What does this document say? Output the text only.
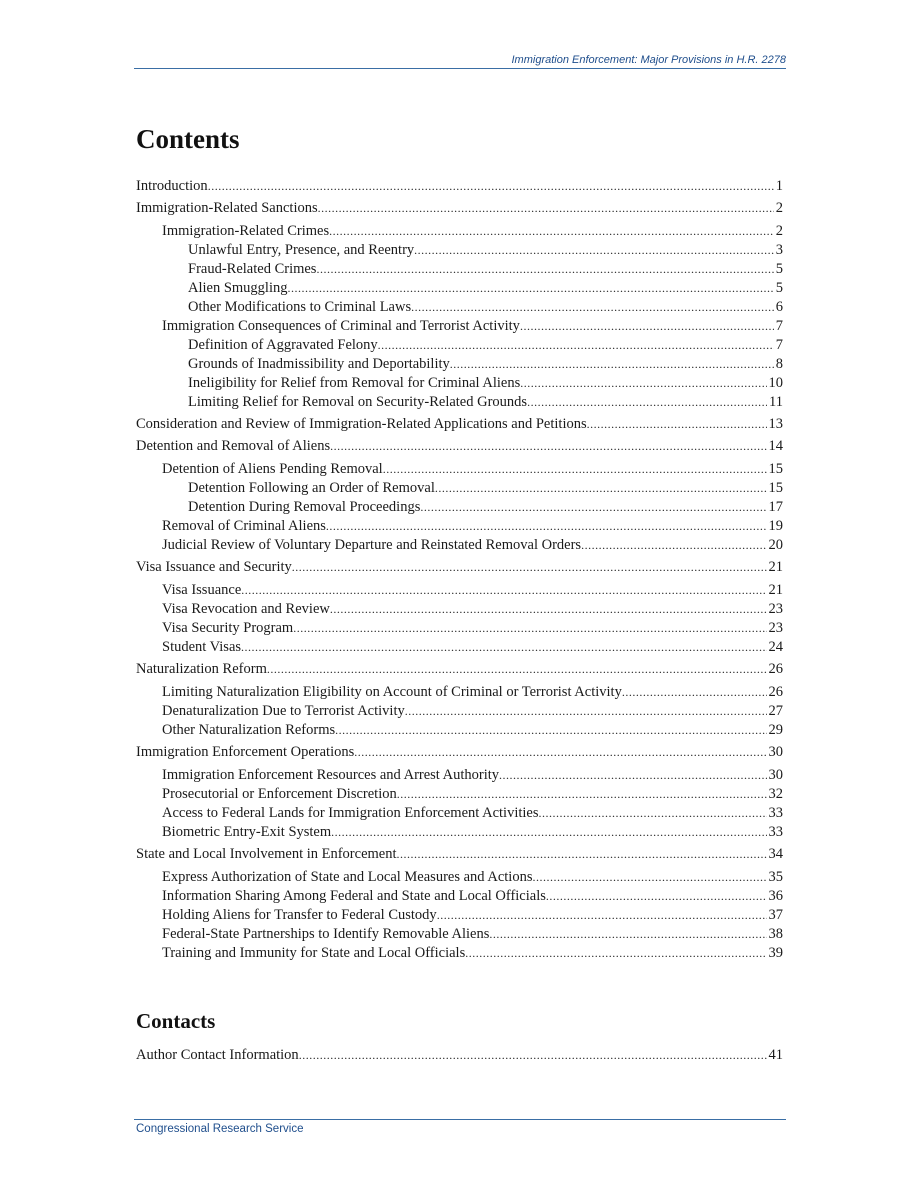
Immigration Enforcement: Major Provisions in H.R. 2278
Contents
Introduction .....	1
Immigration-Related Sanctions .....	2
Immigration-Related Crimes .....	2
Unlawful Entry, Presence, and Reentry .....	3
Fraud-Related Crimes .....	5
Alien Smuggling .....	5
Other Modifications to Criminal Laws .....	6
Immigration Consequences of Criminal and Terrorist Activity .....	7
Definition of Aggravated Felony .....	7
Grounds of Inadmissibility and Deportability .....	8
Ineligibility for Relief from Removal for Criminal Aliens .....	10
Limiting Relief for Removal on Security-Related Grounds .....	11
Consideration and Review of Immigration-Related Applications and Petitions .....	13
Detention and Removal of Aliens .....	14
Detention of Aliens Pending Removal .....	15
Detention Following an Order of Removal .....	15
Detention During Removal Proceedings .....	17
Removal of Criminal Aliens .....	19
Judicial Review of Voluntary Departure and Reinstated Removal Orders .....	20
Visa Issuance and Security .....	21
Visa Issuance .....	21
Visa Revocation and Review .....	23
Visa Security Program .....	23
Student Visas .....	24
Naturalization Reform .....	26
Limiting Naturalization Eligibility on Account of Criminal or Terrorist Activity .....	26
Denaturalization Due to Terrorist Activity .....	27
Other Naturalization Reforms .....	29
Immigration Enforcement Operations .....	30
Immigration Enforcement Resources and Arrest Authority .....	30
Prosecutorial or Enforcement Discretion .....	32
Access to Federal Lands for Immigration Enforcement Activities .....	33
Biometric Entry-Exit System .....	33
State and Local Involvement in Enforcement .....	34
Express Authorization of State and Local Measures and Actions .....	35
Information Sharing Among Federal and State and Local Officials .....	36
Holding Aliens for Transfer to Federal Custody .....	37
Federal-State Partnerships to Identify Removable Aliens .....	38
Training and Immunity for State and Local Officials .....	39
Contacts
Author Contact Information .....	41
Congressional Research Service
